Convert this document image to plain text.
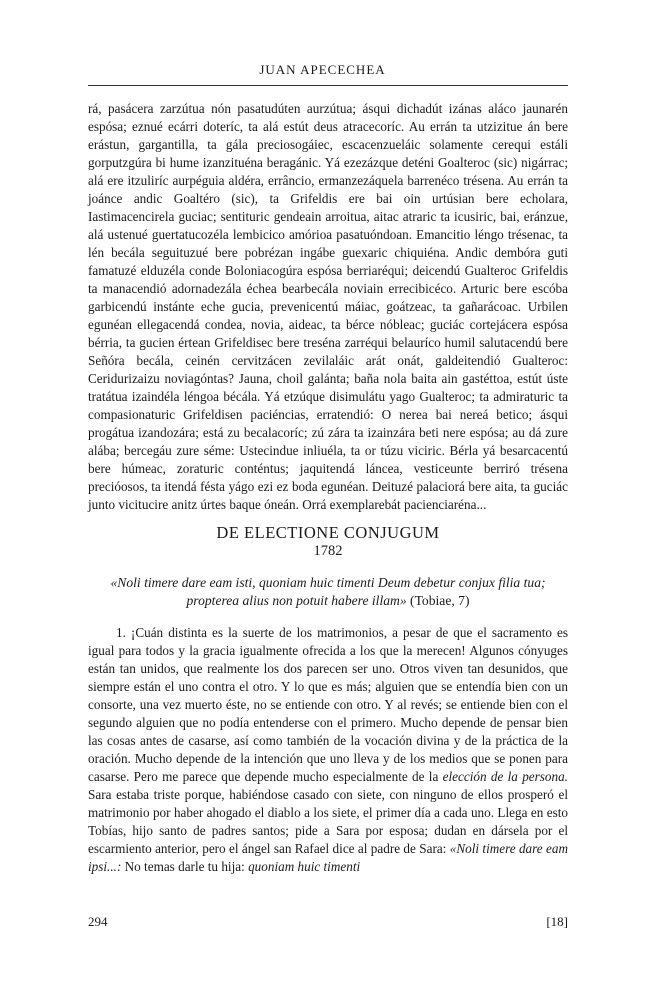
JUAN APECECHEA

rá, pasácera zarzútua nón pasatudúten aurzútua; ásqui dichadút izánas aláco jaunarén espósa; eznué ecárri doteríc, ta alá estút deus atracecoríc. Au errán ta utzizitue án bere erástun, gargantilla, ta gála preciosogáiec, escacenzueláic solamente cerequi estáli gorputzgúra bi hume izanzituéna beragánic. Yá ezezázque deténi Goalteroc (sic) nigárrac; alá ere itzuliríc aurpéguia aldéra, errâncio, ermanzezáquela barrenéco trésena. Au errán ta joánce andic Goaltéro (sic), ta Grifeldis ere bai oin urtúsian bere echolara, Iastimacencirela guciac; sentituric gendeain arroitua, aitac atraric ta icusiric, bai, eránzue, alá ustenué guertatucozéla lembicico amórioa pasatuóndoan. Emancitio léngo trésenac, ta lén becála seguituzué bere pobrézan ingábe guexaric chiquiéna. Andic dembóra guti famatuzé elduzéla conde Boloniacogúra espósa berriaréqui; deicendú Gualteroc Grifeldis ta manacendió adornadezála échea bearbecála noviain errecibicéco. Arturic bere escóba garbicendú instánte eche gucia, prevenicentú máiac, goátzeac, ta gañarácoac. Urbilen egunéan ellegacendá condea, novia, aideac, ta bérce nóbleac; guciác cortejácera espósa bérria, ta gucien értean Grifeldisec bere treséna zarréqui belauríco humil salutacendú bere Señóra becála, ceinén cervitzácen zevilaláic arát onát, galdeitendió Gualteroc: Ceridurizaizu noviagóntas? Jauna, choil galánta; baña nola baita ain gastéttoa, estút úste tratátua izaindéla léngoa bécála. Yá etzúque disimulátu yago Gualteroc; ta admiraturic ta compasionaturic Grifeldisen paciéncias, erratendió: O nerea bai nereá betico; ásqui progátua izandozára; está zu becalacoríc; zú zára ta izainzára beti nere espósa; au dá zure alába; bercegáu zure séme: Ustecindue inliuéla, ta or túzu viciric. Bérla yá besarcacentú bere húmeac, zoraturic conténtus; jaquitendá láncea, vesticeunte berriró trésena precióosos, ta itendá fésta yágo ezi ez boda egunéan. Deituzé palaciorá bere aita, ta guciác junto vicitucire anitz úrtes baque óneán. Orrá exemplarebát pacienciaréna...

DE ELECTIONE CONJUGUM
1782
«Noli timere dare eam isti, quoniam huic timenti Deum debetur conjux filia tua; propterea alius non potuit habere illam» (Tobiae, 7)

1. ¡Cuán distinta es la suerte de los matrimonios, a pesar de que el sacramento es igual para todos y la gracia igualmente ofrecida a los que la merecen! Algunos cónyuges están tan unidos, que realmente los dos parecen ser uno. Otros viven tan desunidos, que siempre están el uno contra el otro. Y lo que es más; alguien que se entendía bien con un consorte, una vez muerto éste, no se entiende con otro. Y al revés; se entiende bien con el segundo alguien que no podía entenderse con el primero. Mucho depende de pensar bien las cosas antes de casarse, así como también de la vocación divina y de la práctica de la oración. Mucho depende de la intención que uno lleva y de los medios que se ponen para casarse. Pero me parece que depende mucho especialmente de la elección de la persona. Sara estaba triste porque, habiéndose casado con siete, con ninguno de ellos prosperó el matrimonio por haber ahogado el diablo a los siete, el primer día a cada uno. Llega en esto Tobías, hijo santo de padres santos; pide a Sara por esposa; dudan en dársela por el escarmiento anterior, pero el ángel san Rafael dice al padre de Sara: «Noli timere dare eam ipsi...: No temas darle tu hija: quoniam huic timenti

294	[18]
